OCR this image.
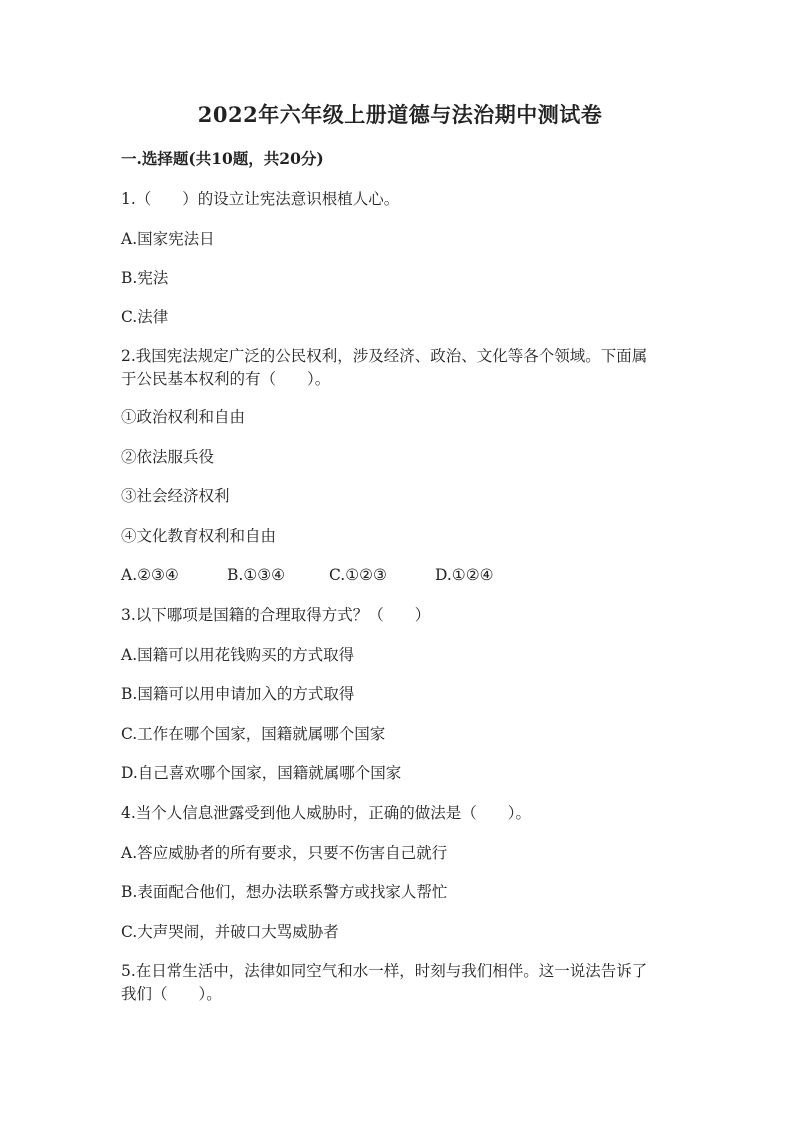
2022年六年级上册道德与法治期中测试卷
一.选择题(共10题，共20分)
1.（　　）的设立让宪法意识根植人心。
A.国家宪法日
B.宪法
C.法律
2.我国宪法规定广泛的公民权利，涉及经济、政治、文化等各个领域。下面属
于公民基本权利的有（　　）。
①政治权利和自由
②依法服兵役
③社会经济权利
④文化教育权利和自由
A.②③④	B.①③④	C.①②③	D.①②④
3.以下哪项是国籍的合理取得方式？（　　）
A.国籍可以用花钱购买的方式取得
B.国籍可以用申请加入的方式取得
C.工作在哪个国家，国籍就属哪个国家
D.自己喜欢哪个国家，国籍就属哪个国家
4.当个人信息泄露受到他人威胁时，正确的做法是（　　）。
A.答应威胁者的所有要求，只要不伤害自己就行
B.表面配合他们，想办法联系警方或找家人帮忙
C.大声哭闹，并破口大骂威胁者
5.在日常生活中，法律如同空气和水一样，时刻与我们相伴。这一说法告诉了
我们（　　）。
